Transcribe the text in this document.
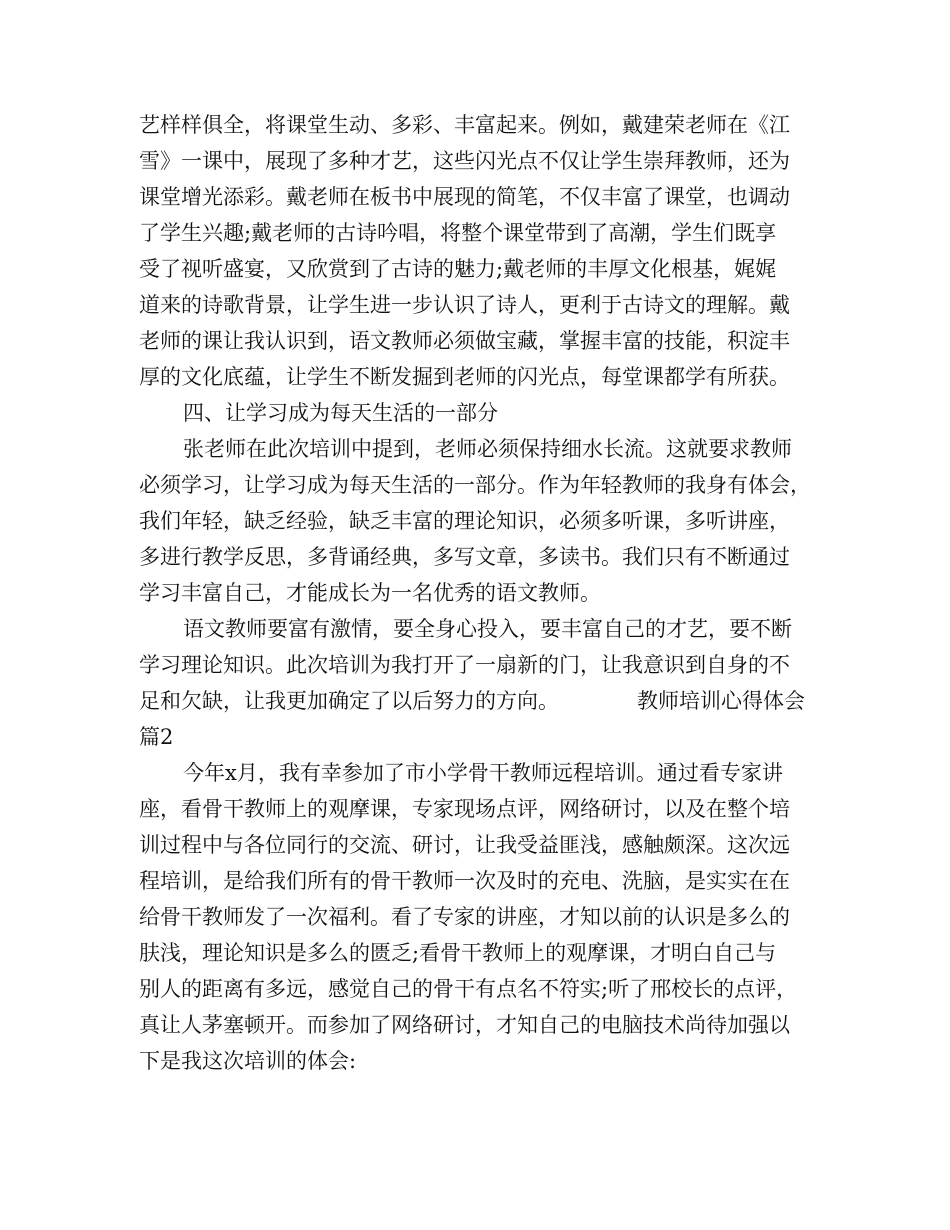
艺样样俱全，将课堂生动、多彩、丰富起来。例如，戴建荣老师在《江
雪》一课中，展现了多种才艺，这些闪光点不仅让学生崇拜教师，还为
课堂增光添彩。戴老师在板书中展现的简笔，不仅丰富了课堂，也调动
了学生兴趣;戴老师的古诗吟唱，将整个课堂带到了高潮，学生们既享
受了视听盛宴，又欣赏到了古诗的魅力;戴老师的丰厚文化根基，娓娓
道来的诗歌背景，让学生进一步认识了诗人，更利于古诗文的理解。戴
老师的课让我认识到，语文教师必须做宝藏，掌握丰富的技能，积淀丰
厚的文化底蕴，让学生不断发掘到老师的闪光点，每堂课都学有所获。
四、让学习成为每天生活的一部分
张老师在此次培训中提到，老师必须保持细水长流。这就要求教师
必须学习，让学习成为每天生活的一部分。作为年轻教师的我身有体会，
我们年轻，缺乏经验，缺乏丰富的理论知识，必须多听课，多听讲座，
多进行教学反思，多背诵经典，多写文章，多读书。我们只有不断通过
学习丰富自己，才能成长为一名优秀的语文教师。
语文教师要富有激情，要全身心投入，要丰富自己的才艺，要不断
学习理论知识。此次培训为我打开了一扇新的门，让我意识到自身的不
足和欠缺，让我更加确定了以后努力的方向。	教师培训心得体会
篇2
今年x月，我有幸参加了市小学骨干教师远程培训。通过看专家讲
座，看骨干教师上的观摩课，专家现场点评，网络研讨，以及在整个培
训过程中与各位同行的交流、研讨，让我受益匪浅，感触颇深。这次远
程培训，是给我们所有的骨干教师一次及时的充电、洗脑，是实实在在
给骨干教师发了一次福利。看了专家的讲座，才知以前的认识是多么的
肤浅，理论知识是多么的匮乏;看骨干教师上的观摩课，才明白自己与
别人的距离有多远，感觉自己的骨干有点名不符实;听了邢校长的点评，
真让人茅塞顿开。而参加了网络研讨，才知自己的电脑技术尚待加强以
下是我这次培训的体会:
